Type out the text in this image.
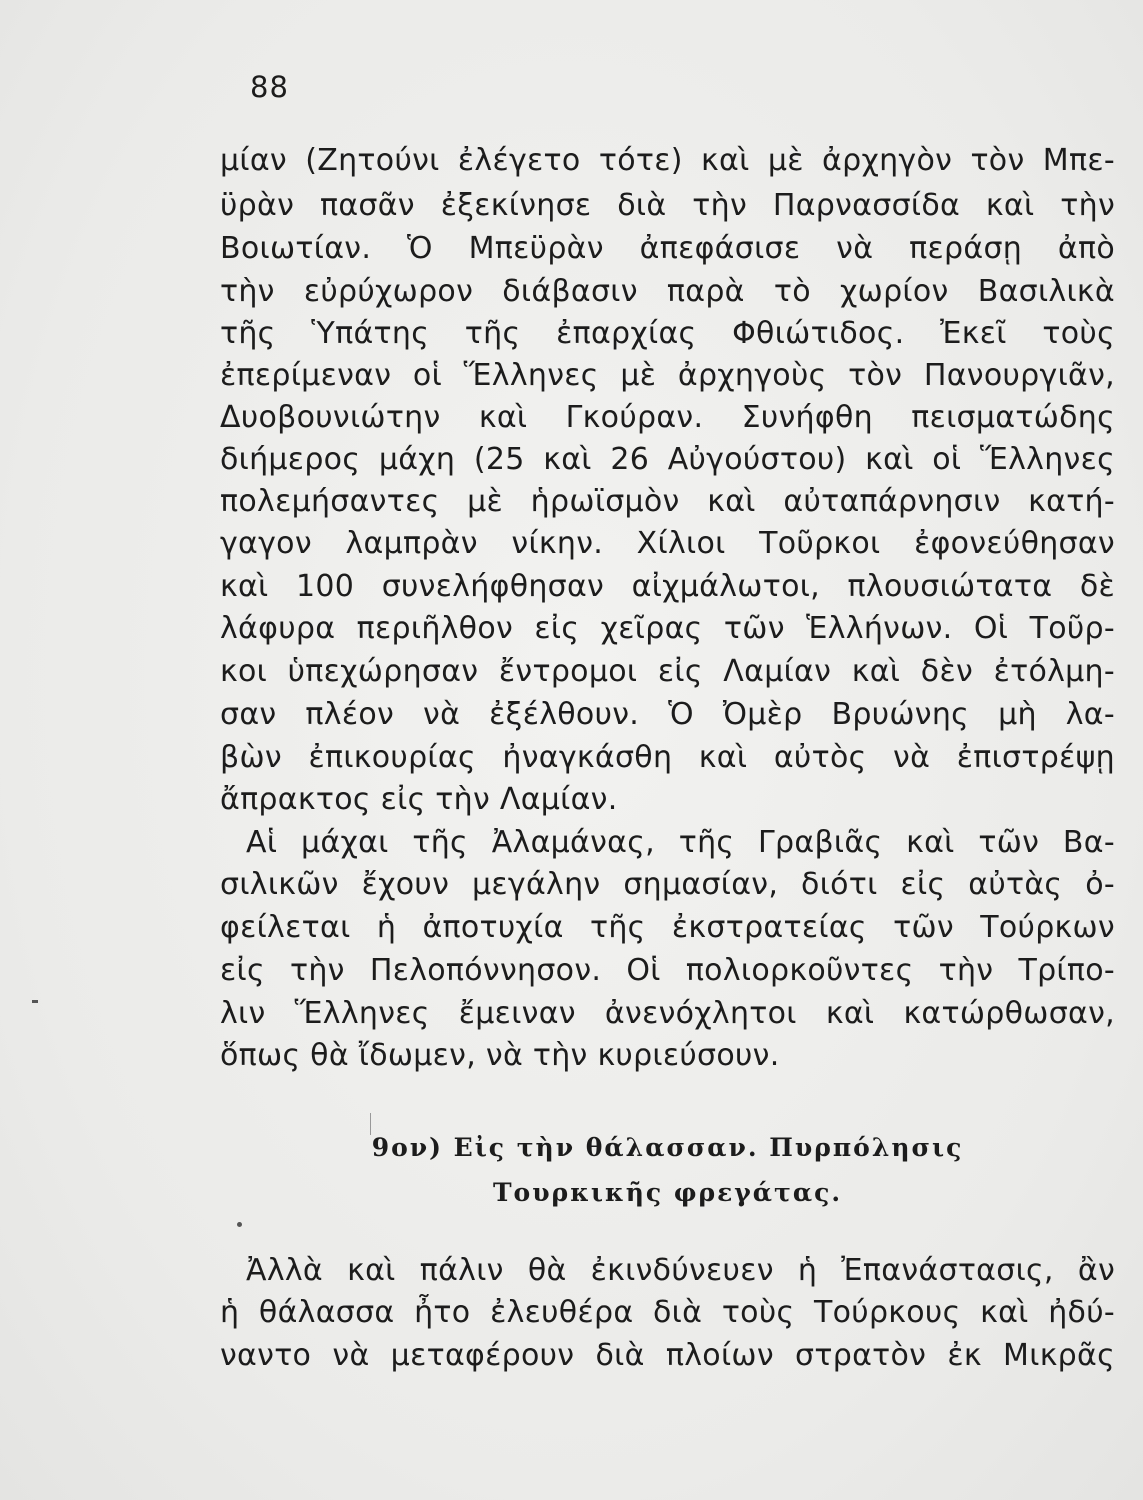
88
μίαν (Ζητούνι ἐλέγετο τότε) καὶ μὲ ἀρχηγὸν τὸν Μπε-
ϋρὰν πασᾶν ἐξεκίνησε διὰ τὴν Παρνασσίδα καὶ τὴν
Βοιωτίαν. Ὁ Μπεϋρὰν ἀπεφάσισε νὰ περάσῃ ἀπὸ
τὴν εὐρύχωρον διάβασιν παρὰ τὸ χωρίον Βασιλικὰ
τῆς Ὑπάτης τῆς ἐπαρχίας Φθιώτιδος. Ἐκεῖ τοὺς
ἐπερίμεναν οἱ Ἕλληνες μὲ ἀρχηγοὺς τὸν Πανουργιᾶν,
Δυοβουνιώτην καὶ Γκούραν. Συνήφθη πεισματώδης
διήμερος μάχη (25 καὶ 26 Αὐγούστου) καὶ οἱ Ἕλληνες
πολεμήσαντες μὲ ἡρωϊσμὸν καὶ αὐταπάρνησιν κατή-
γαγον λαμπρὰν νίκην. Χίλιοι Τοῦρκοι ἐφονεύθησαν
καὶ 100 συνελήφθησαν αἰχμάλωτοι, πλουσιώτατα δὲ
λάφυρα περιῆλθον εἰς χεῖρας τῶν Ἑλλήνων. Οἱ Τοῦρ-
κοι ὑπεχώρησαν ἔντρομοι εἰς Λαμίαν καὶ δὲν ἐτόλμη-
σαν πλέον νὰ ἐξέλθουν. Ὁ Ὀμὲρ Βρυώνης μὴ λα-
βὼν ἐπικουρίας ἠναγκάσθη καὶ αὐτὸς νὰ ἐπιστρέψῃ
ἄπρακτος εἰς τὴν Λαμίαν.
Αἱ μάχαι τῆς Ἀλαμάνας, τῆς Γραβιᾶς καὶ τῶν Βα-
σιλικῶν ἔχουν μεγάλην σημασίαν, διότι εἰς αὐτὰς ὀ-
φείλεται ἡ ἀποτυχία τῆς ἐκστρατείας τῶν Τούρκων
εἰς τὴν Πελοπόννησον. Οἱ πολιορκοῦντες τὴν Τρίπο-
λιν Ἕλληνες ἔμειναν ἀνενόχλητοι καὶ κατώρθωσαν,
ὅπως θὰ ἴδωμεν, νὰ τὴν κυριεύσουν.
9ον) Εἰς τὴν θάλασσαν. Πυρπόλησις
Τουρκικῆς φρεγάτας.
Ἀλλὰ καὶ πάλιν θὰ ἐκινδύνευεν ἡ Ἐπανάστασις, ἂν
ἡ θάλασσα ἦτο ἐλευθέρα διὰ τοὺς Τούρκους καὶ ἠδύ-
ναντο νὰ μεταφέρουν διὰ πλοίων στρατὸν ἐκ Μικρᾶς
